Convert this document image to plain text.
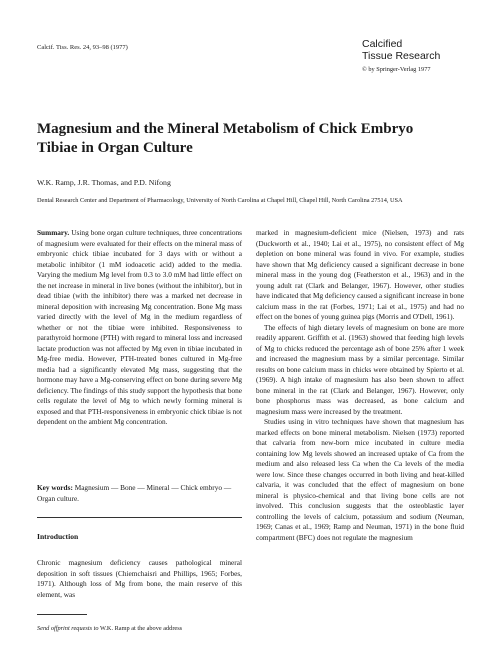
Calcif. Tiss. Res. 24, 93–98 (1977)	Calcified
Tissue Research
© by Springer-Verlag 1977
Magnesium and the Mineral Metabolism of Chick Embryo Tibiae in Organ Culture
W.K. Ramp, J.R. Thomas, and P.D. Nifong
Dental Research Center and Department of Pharmacology, University of North Carolina at Chapel Hill, Chapel Hill, North Carolina 27514, USA

Summary. Using bone organ culture techniques, three concentrations of magnesium were evaluated for their effects on the mineral mass of embryonic chick tibiae incubated for 3 days with or without a metabolic inhibitor (1 mM iodoacetic acid) added to the media. Varying the medium Mg level from 0.3 to 3.0 mM had little effect on the net increase in mineral in live bones (without the inhibitor), but in dead tibiae (with the inhibitor) there was a marked net decrease in mineral deposition with increasing Mg concentration. Bone Mg mass varied directly with the level of Mg in the medium regardless of whether or not the tibiae were inhibited. Responsiveness to parathyroid hormone (PTH) with regard to mineral loss and increased lactate production was not affected by Mg even in tibiae incubated in Mg-free media. However, PTH-treated bones cultured in Mg-free media had a significantly elevated Mg mass, suggesting that the hormone may have a Mg-conserving effect on bone during severe Mg deficiency. The findings of this study support the hypothesis that bone cells regulate the level of Mg to which newly forming mineral is exposed and that PTH-responsiveness in embryonic chick tibiae is not dependent on the ambient Mg concentration.

Key words: Magnesium — Bone — Mineral — Chick embryo — Organ culture.
Introduction
Chronic magnesium deficiency causes pathological mineral deposition in soft tissues (Chiemchaisri and Phillips, 1965; Forbes, 1971). Although loss of Mg from bone, the main reserve of this element, was
Send offprint requests to W.K. Ramp at the above address

marked in magnesium-deficient mice (Nielsen, 1973) and rats (Duckworth et al., 1940; Lai et al., 1975), no consistent effect of Mg depletion on bone mineral was found in vivo. For example, studies have shown that Mg deficiency caused a significant decrease in bone mineral mass in the young dog (Featherston et al., 1963) and in the young adult rat (Clark and Belanger, 1967). However, other studies have indicated that Mg deficiency caused a significant increase in bone calcium mass in the rat (Forbes, 1971; Lai et al., 1975) and had no effect on the bones of young guinea pigs (Morris and O'Dell, 1961).

The effects of high dietary levels of magnesium on bone are more readily apparent. Griffith et al. (1963) showed that feeding high levels of Mg to chicks reduced the percentage ash of bone 25% after 1 week and increased the magnesium mass by a similar percentage. Similar results on bone calcium mass in chicks were obtained by Spierto et al. (1969). A high intake of magnesium has also been shown to affect bone mineral in the rat (Clark and Belanger, 1967). However, only bone phosphorus mass was decreased, as bone calcium and magnesium mass were increased by the treatment.

Studies using in vitro techniques have shown that magnesium has marked effects on bone mineral metabolism. Nielsen (1973) reported that calvaria from new-born mice incubated in culture media containing low Mg levels showed an increased uptake of Ca from the medium and also released less Ca when the Ca levels of the media were low. Since these changes occurred in both living and heat-killed calvaria, it was concluded that the effect of magnesium on bone mineral is physico-chemical and that living bone cells are not involved. This conclusion suggests that the osteoblastic layer controlling the levels of calcium, potassium and sodium (Neuman, 1969; Canas et al., 1969; Ramp and Neuman, 1971) in the bone fluid compartment (BFC) does not regulate the magnesium
